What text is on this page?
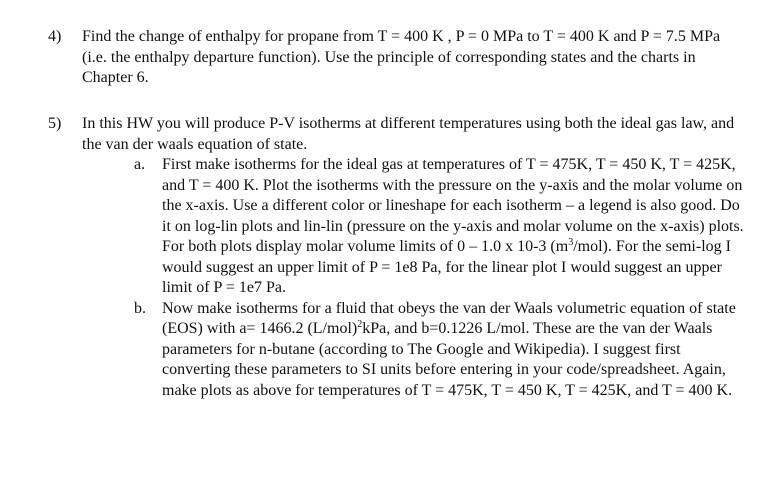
4)	Find the change of enthalpy for propane from T = 400 K , P = 0 MPa to T = 400 K and P = 7.5 MPa (i.e. the enthalpy departure function). Use the principle of corresponding states and the charts in Chapter 6.
5)	In this HW you will produce P-V isotherms at different temperatures using both the ideal gas law, and the van der waals equation of state.
a. First make isotherms for the ideal gas at temperatures of T = 475K, T = 450 K, T = 425K, and T = 400 K. Plot the isotherms with the pressure on the y-axis and the molar volume on the x-axis. Use a different color or lineshape for each isotherm – a legend is also good. Do it on log-lin plots and lin-lin (pressure on the y-axis and molar volume on the x-axis) plots. For both plots display molar volume limits of 0 – 1.0 x 10-3 $(m^3/mol)$. For the semi-log I would suggest an upper limit of P = 1e8 Pa, for the linear plot I would suggest an upper limit of P = 1e7 Pa.
b. Now make isotherms for a fluid that obeys the van der Waals volumetric equation of state (EOS) with a= 1466.2 $(L/mol)^2kPa$, and b=0.1226 L/mol. These are the van der Waals parameters for n-butane (according to The Google and Wikipedia). I suggest first converting these parameters to SI units before entering in your code/spreadsheet. Again, make plots as above for temperatures of T = 475K, T = 450 K, T = 425K, and T = 400 K.
